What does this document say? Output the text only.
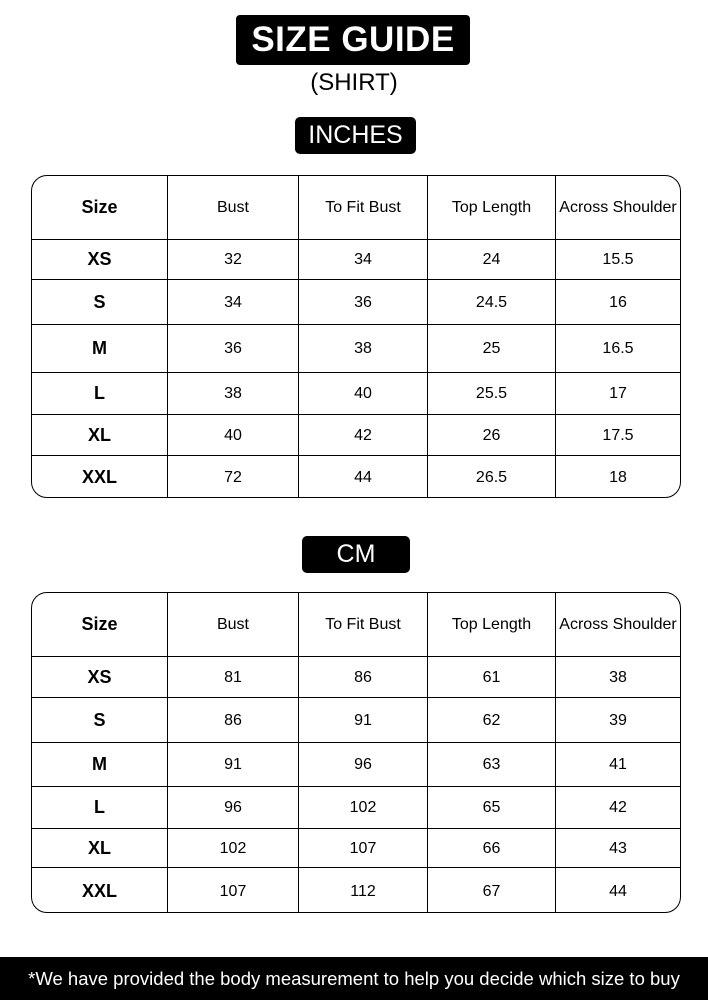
SIZE GUIDE
(SHIRT)
INCHES
Size	Bust	To Fit Bust	Top Length	Across Shoulder
XS	32	34	24	15.5
S	34	36	24.5	16
M	36	38	25	16.5
L	38	40	25.5	17
XL	40	42	26	17.5
XXL	72	44	26.5	18
CM
Size	Bust	To Fit Bust	Top Length	Across Shoulder
XS	81	86	61	38
S	86	91	62	39
M	91	96	63	41
L	96	102	65	42
XL	102	107	66	43
XXL	107	112	67	44
*We have provided the body measurement to help you decide which size to buy
